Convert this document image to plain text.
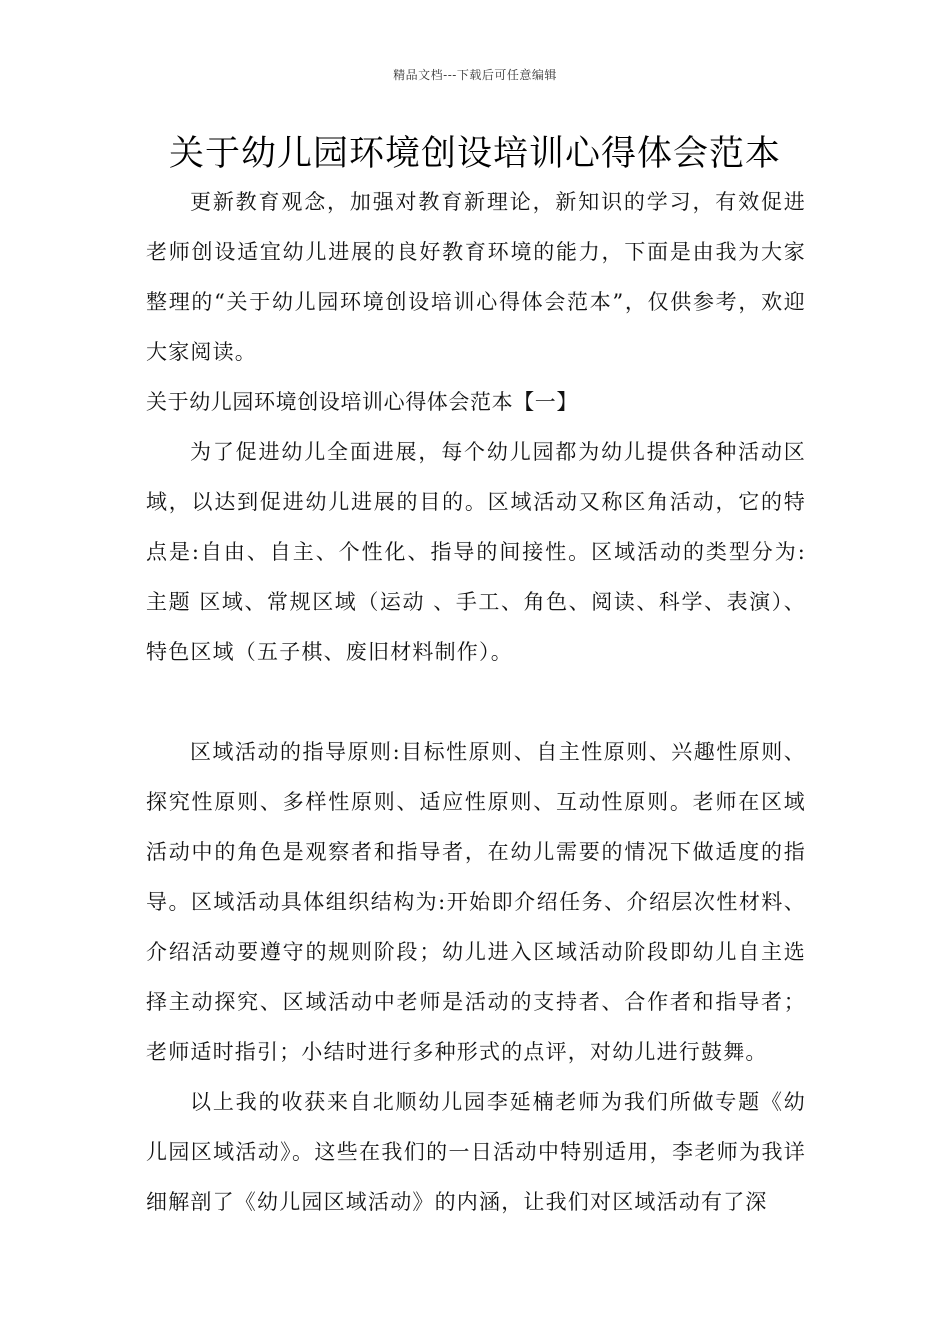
精品文档---下载后可任意编辑
关于幼儿园环境创设培训心得体会范本

更新教育观念，加强对教育新理论，新知识的学习，有效促进老师创设适宜幼儿进展的良好教育环境的能力，下面是由我为大家整理的“关于幼儿园环境创设培训心得体会范本”，仅供参考，欢迎大家阅读。

关于幼儿园环境创设培训心得体会范本【一】

为了促进幼儿全面进展，每个幼儿园都为幼儿提供各种活动区域，以达到促进幼儿进展的目的。区域活动又称区角活动，它的特点是:自由、自主、个性化、指导的间接性。区域活动的类型分为:主题 区域、常规区域（运动 、手工、角色、阅读、科学、表演）、特色区域（五子棋、废旧材料制作）。

区域活动的指导原则:目标性原则、自主性原则、兴趣性原则、探究性原则、多样性原则、适应性原则、互动性原则。老师在区域活动中的角色是观察者和指导者，在幼儿需要的情况下做适度的指导。区域活动具体组织结构为:开始即介绍任务、介绍层次性材料、介绍活动要遵守的规则阶段；幼儿进入区域活动阶段即幼儿自主选择主动探究、区域活动中老师是活动的支持者、合作者和指导者；老师适时指引；小结时进行多种形式的点评，对幼儿进行鼓舞。

以上我的收获来自北顺幼儿园李延楠老师为我们所做专题《幼儿园区域活动》。这些在我们的一日活动中特别适用，李老师为我详细解剖了《幼儿园区域活动》的内涵，让我们对区域活动有了深
